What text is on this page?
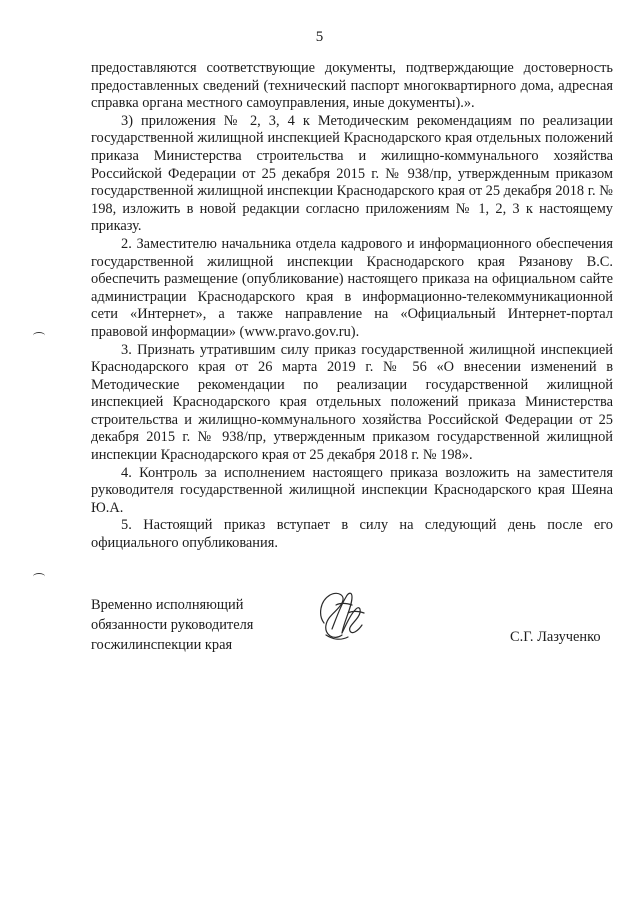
5

предоставляются соответствующие документы, подтверждающие достоверность предоставленных сведений (технический паспорт многоквартирного дома, адресная справка органа местного самоуправления, иные документы).».

3) приложения № 2, 3, 4 к Методическим рекомендациям по реализации государственной жилищной инспекцией Краснодарского края отдельных положений приказа Министерства строительства и жилищно-коммунального хозяйства Российской Федерации от 25 декабря 2015 г. № 938/пр, утвержденным приказом государственной жилищной инспекции Краснодарского края от 25 декабря 2018 г. № 198, изложить в новой редакции согласно приложениям № 1, 2, 3 к настоящему приказу.

2. Заместителю начальника отдела кадрового и информационного обеспечения государственной жилищной инспекции Краснодарского края Рязанову В.С. обеспечить размещение (опубликование) настоящего приказа на официальном сайте администрации Краснодарского края в информационно-телекоммуникационной сети «Интернет», а также направление на «Официальный Интернет-портал правовой информации» (www.pravo.gov.ru).

3. Признать утратившим силу приказ государственной жилищной инспекцией Краснодарского края от 26 марта 2019 г. № 56 «О внесении изменений в Методические рекомендации по реализации государственной жилищной инспекцией Краснодарского края отдельных положений приказа Министерства строительства и жилищно-коммунального хозяйства Российской Федерации от 25 декабря 2015 г. № 938/пр, утвержденным приказом государственной жилищной инспекции Краснодарского края от 25 декабря 2018 г. № 198».

4. Контроль за исполнением настоящего приказа возложить на заместителя руководителя государственной жилищной инспекции Краснодарского края Шеяна Ю.А.

5. Настоящий приказ вступает в силу на следующий день после его официального опубликования.

Временно исполняющий
обязанности руководителя
госжилинспекции края	С.Г. Лазученко
